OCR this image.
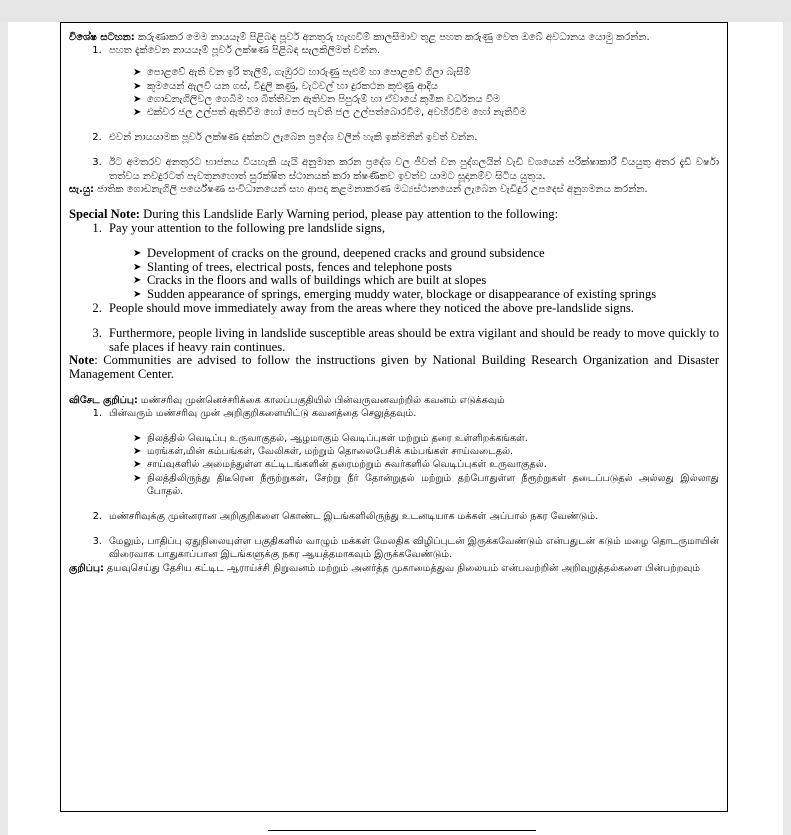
විශේෂ සටහන: කරුණාකර මෙම නායයෑම් පිළිබඳ පූර්ව අනතුරු හැඟවීම් කාලසීමාව තුළ පහත කරුණු වෙත ඔබේ අවධානය යොමු කරන්න.

1. පහත දැක්වෙන නායයෑම් පූර්ව ලක්ෂණ පිළිබඳ සැලකිලිමත් වන්න.
➤ පොළවේ ඇති වන ඉරි තැලීම්, ගැඹුරට හාරුණු පැළුම් හා පොළවේ ගිලා බැසීම්
➤ කුමයෙන් ඇලවී යන ගස්, විදුලි කණු, වැටවල් හා දුරකථන කුළුණු ආදිය
➤ ගොඩනැගිලිවල ගෙබිම හා බිත්තිවන ඇතිවන පිපුරුම් හා ඒවායේ කුමික වර්ධනය වීම
➤ එක්වර ජල උල්පත් ඇතිවීම හෝ පෙර පැවති ජල උල්පත්බොරවීම, අවහිරවීම හෝ නැතිවීම
2. එවන් නායයාමක පූර්ව ලක්ෂණ දක්නට ලැබෙන ප්‍රදේශ වලින් හැකි ඉක්මනින් ඉවත් වන්න.
3. ඊට අමතරව අනතුරට භාජනය වියහැකි යැයි අනුමාන කරන ප්‍රදේශ වල ජීවත් වන පුද්ගලයින් වැඩි වශයෙන් පරික්ෂාකාරී වියයුතු අතර දැඩි වර්ෂා තත්වය නවදුරටත් පැවතුනහොත් සුරක්ෂිත ස්ථානයක් කරා ක්ෂණිකව ඉවත්ව යාමට සූදානම්ව සිටිය යුතුය.

සැ.යු: ජාතික ගොඩනැගිලි පර්යේෂණ සංවිධානයෙන් සහ ආපදා කළමනාකරණ මධ්‍යස්ථානයෙන් ලැබෙන වැඩිදුර උපදෙස් අනුගමනය කරන්න.

Special Note: During this Landslide Early Warning period, please pay attention to the following:

1. Pay your attention to the following pre landslide signs,
➤ Development of cracks on the ground, deepened cracks and ground subsidence
➤ Slanting of trees, electrical posts, fences and telephone posts
➤ Cracks in the floors and walls of buildings which are built at slopes
➤ Sudden appearance of springs, emerging muddy water, blockage or disappearance of existing springs
2. People should move immediately away from the areas where they noticed the above pre-landslide signs.
3. Furthermore, people living in landslide susceptible areas should be extra vigilant and should be ready to move quickly to safe places if heavy rain continues.

Note: Communities are advised to follow the instructions given by National Building Research Organization and Disaster Management Center.

விசேட குறிப்பு: மண்சரிவு முன்னெச்சரிக்கை காலப்பகுதியில் பின்வருவனவற்றில் கவனம் எடுக்கவும்

1. பின்வரும் மண்சரிவு முன் அறிகுறிகளையிட்டு கவனத்தை செலுத்தவும்.
➤ நிலத்தில் வெடிப்பு உருவாகுதல், ஆழமாகும் வெடிப்புகள் மற்றும் தரை உள்ளிறக்கங்கள்.
➤ மரங்கள்,மின் கம்பங்கள், வேலிகள், மற்றும் தொலைபேசிக் கம்பங்கள் சாய்வடைதல்.
➤ சாய்வுகளில் அமைந்துள்ள கட்டிடங்களின் தரைமற்றும் சுவர்களில் வெடிப்புகள் உருவாகுதல்.
➤ நிலத்திலிருந்து திடீரென நீரூற்றுகள், சேற்று நீர் தோன்றுதல் மற்றும் தற்போதுள்ள நீரூற்றுகள் தடைப்படுதல் அல்லது இல்லாது போதல்.
2. மண்சரிவுக்கு முன்னரான அறிகுறிகளை கொண்ட இடங்களிலிருந்து உடனடியாக மக்கள் அப்பால் நகர வேண்டும்.
3. மேலும், பாதிப்பு ஏதுநிலையுள்ள பகுதிகளில் வாழும் மக்கள் மேலதிக விழிப்புடன் இருக்கவேண்டும் என்பதுடன் கடும் மழை தொடருமாயின் விரைவாக பாதுகாப்பான இடங்களுக்கு நகர ஆயத்தமாகவும் இருக்கவேண்டும்.

குறிப்பு: தயவுசெய்து தேசிய கட்டிட ஆராய்ச்சி நிறுவனம் மற்றும் அனர்த்த முகாமைத்துவ நிலையம் என்பவற்றின் அறிவுறுத்தல்களை பின்பற்றவும்
